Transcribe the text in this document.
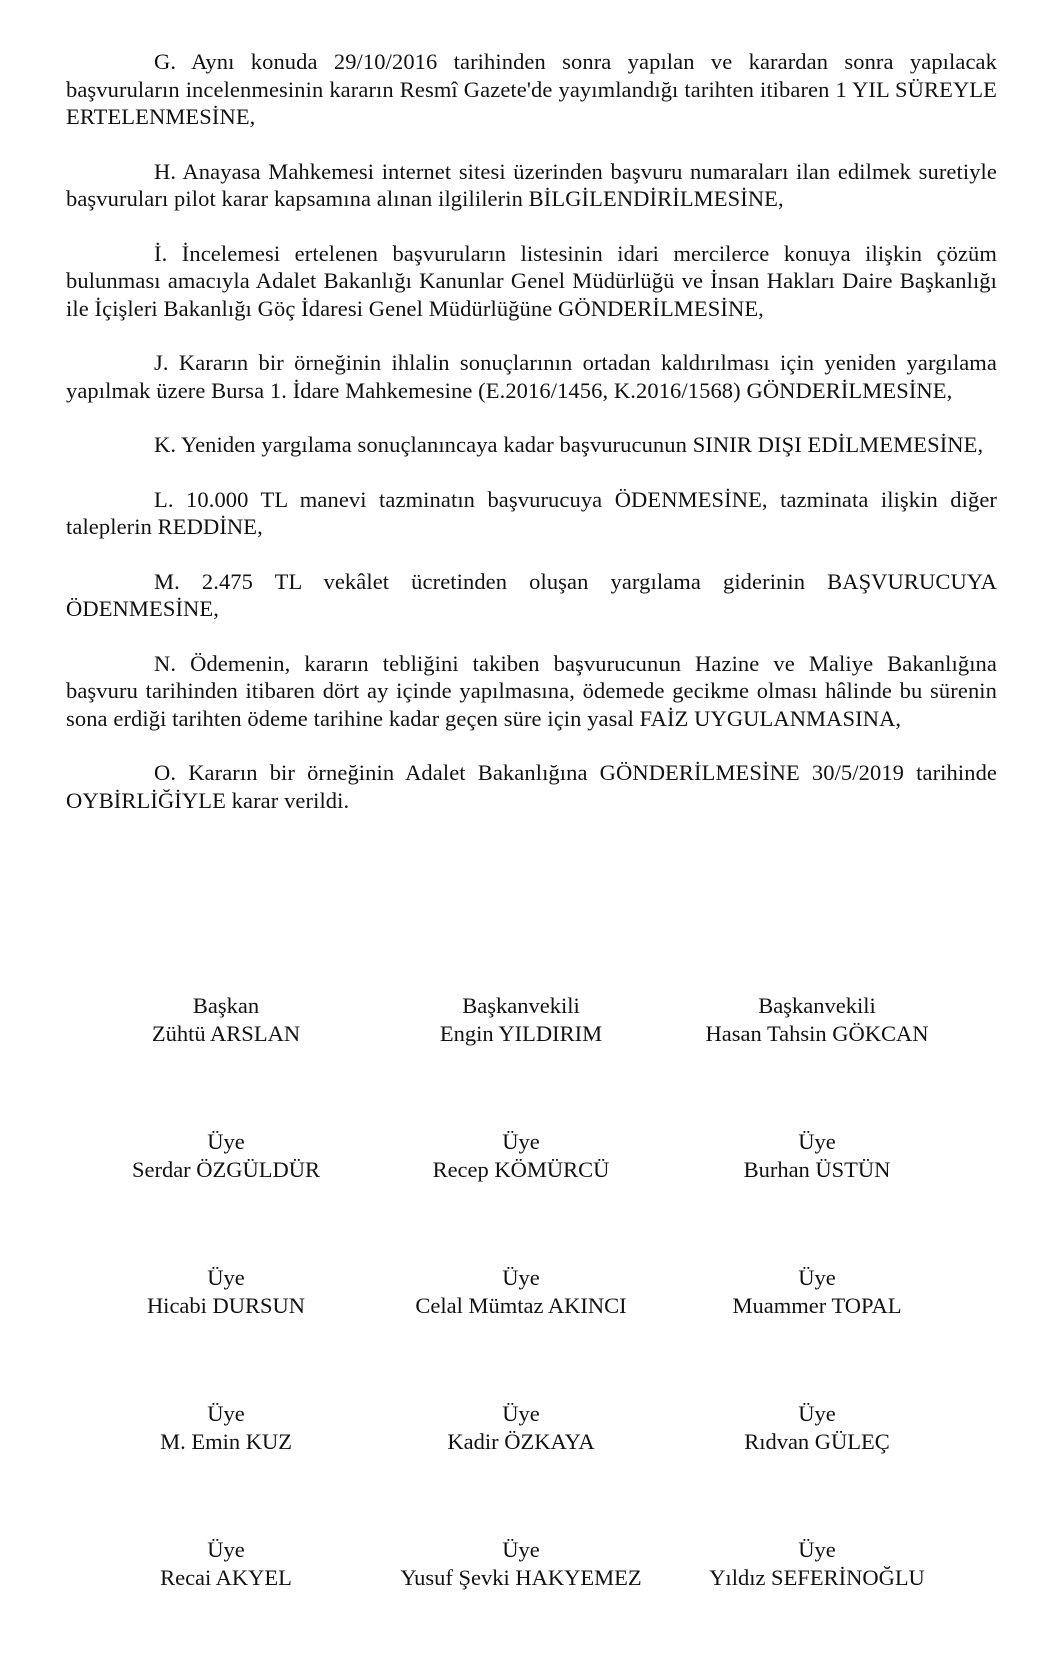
G. Aynı konuda 29/10/2016 tarihinden sonra yapılan ve karardan sonra yapılacak başvuruların incelenmesinin kararın Resmî Gazete'de yayımlandığı tarihten itibaren 1 YIL SÜREYLE ERTELENMESİNE,

H. Anayasa Mahkemesi internet sitesi üzerinden başvuru numaraları ilan edilmek suretiyle başvuruları pilot karar kapsamına alınan ilgililerin BİLGİLENDİRİLMESİNE,

İ. İncelemesi ertelenen başvuruların listesinin idari mercilerce konuya ilişkin çözüm bulunması amacıyla Adalet Bakanlığı Kanunlar Genel Müdürlüğü ve İnsan Hakları Daire Başkanlığı ile İçişleri Bakanlığı Göç İdaresi Genel Müdürlüğüne GÖNDERİLMESİNE,

J. Kararın bir örneğinin ihlalin sonuçlarının ortadan kaldırılması için yeniden yargılama yapılmak üzere Bursa 1. İdare Mahkemesine (E.2016/1456, K.2016/1568) GÖNDERİLMESİNE,

K. Yeniden yargılama sonuçlanıncaya kadar başvurucunun SINIR DIŞI EDİLMEMESİNE,

L. 10.000 TL manevi tazminatın başvurucuya ÖDENMESİNE, tazminata ilişkin diğer taleplerin REDDİNE,

M. 2.475 TL vekâlet ücretinden oluşan yargılama giderinin BAŞVURUCUYA ÖDENMESİNE,

N. Ödemenin, kararın tebliğini takiben başvurucunun Hazine ve Maliye Bakanlığına başvuru tarihinden itibaren dört ay içinde yapılmasına, ödemede gecikme olması hâlinde bu sürenin sona erdiği tarihten ödeme tarihine kadar geçen süre için yasal FAİZ UYGULANMASINA,

O. Kararın bir örneğinin Adalet Bakanlığına GÖNDERİLMESİNE 30/5/2019 tarihinde OYBİRLİĞİYLE karar verildi.

Başkan
Zühtü ARSLAN
Başkanvekili
Engin YILDIRIM
Başkanvekili
Hasan Tahsin GÖKCAN
Üye
Serdar ÖZGÜLDÜR
Üye
Recep KÖMÜRCÜ
Üye
Burhan ÜSTÜN
Üye
Hicabi DURSUN
Üye
Celal Mümtaz AKINCI
Üye
Muammer TOPAL
Üye
M. Emin KUZ
Üye
Kadir ÖZKAYA
Üye
Rıdvan GÜLEÇ
Üye
Recai AKYEL
Üye
Yusuf Şevki HAKYEMEZ
Üye
Yıldız SEFERİNOĞLU
